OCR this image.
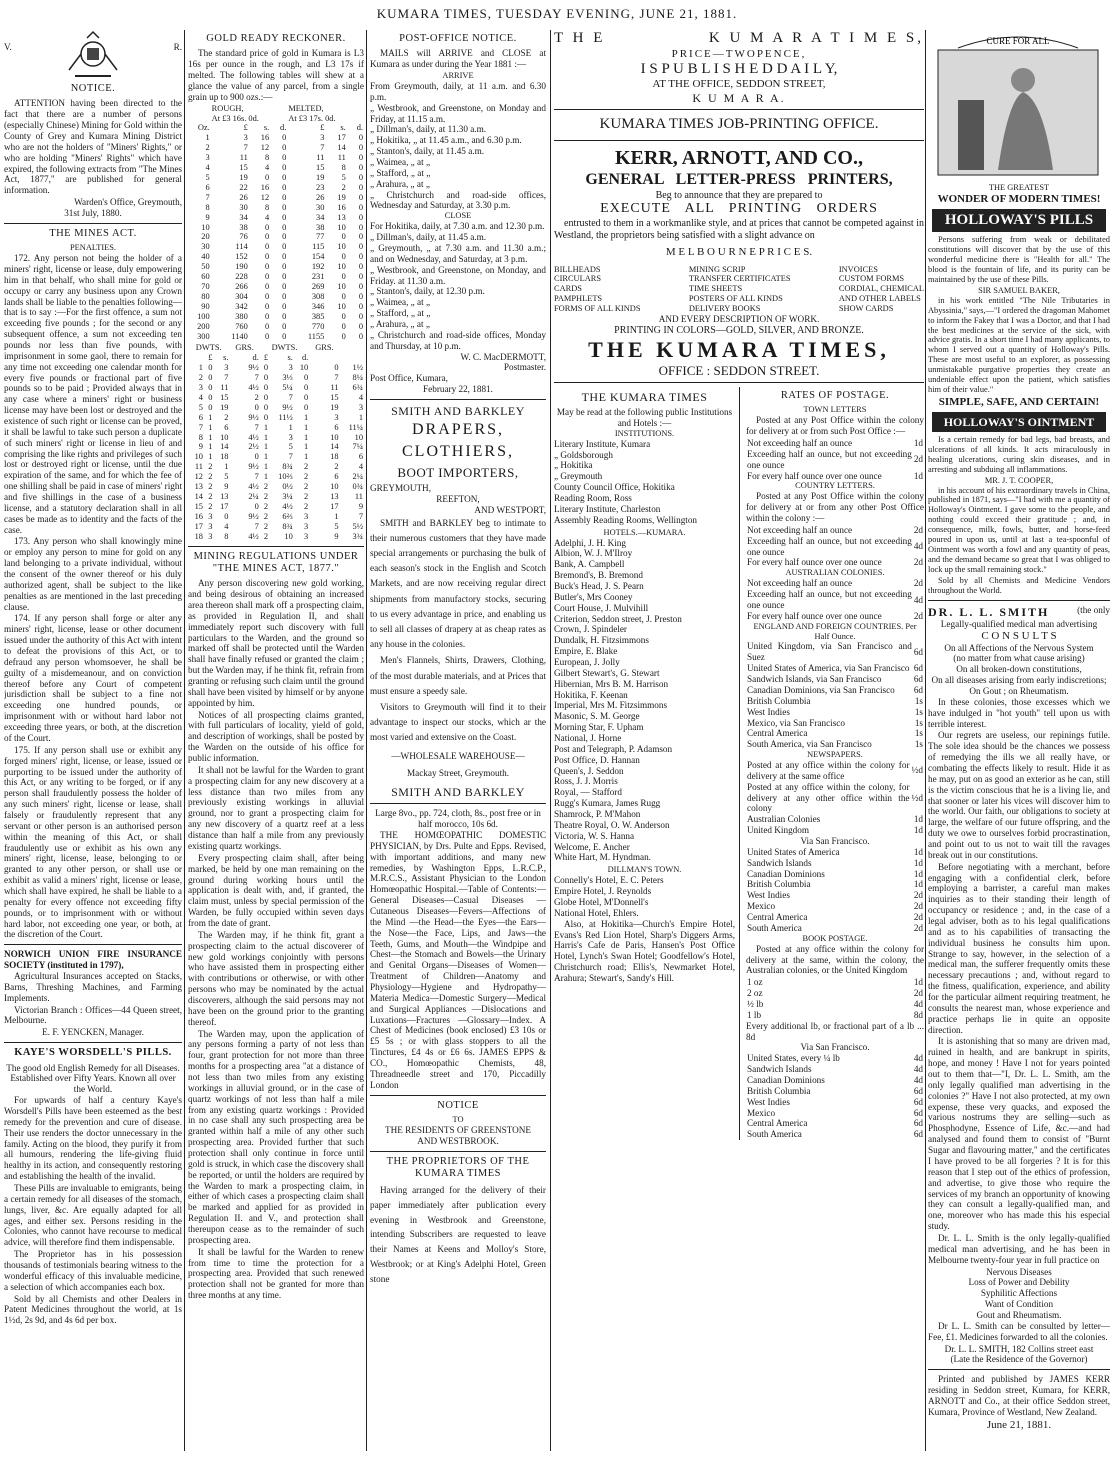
KUMARA TIMES, TUESDAY EVENING, JUNE 21, 1881.
V.	R.
NOTICE.

ATTENTION having been directed to the fact that there are a number of persons (especially Chinese) Mining for Gold within the County of Grey and Kumara Mining District who are not the holders of "Miners' Rights," or who are holding "Miners' Rights" which have expired, the following extracts from "The Mines Act, 1877," are published for general information.

Warden's Office, Greymouth,
31st July, 1880.
THE MINES ACT.
PENALTIES.

172. Any person not being the holder of a miners' right, license or lease, duly empowering him in that behalf, who shall mine for gold or occupy or carry any business upon any Crown lands shall be liable to the penalties following—that is to say :—For the first offence, a sum not exceeding five pounds ; for the second or any subsequent offence, a sum not exceeding ten pounds nor less than five pounds, with imprisonment in some gaol, there to remain for any time not exceeding one calendar month for every five pounds or fractional part of five pounds so to be paid ; Provided always that in any case where a miners' right or business license may have been lost or destroyed and the existence of such right or license can be proved, it shall be lawful to take such person a duplicate of such miners' right or license in lieu of and comprising the like rights and privileges of such lost or destroyed right or license, until the due expiration of the same, and for which the fee of one shilling shall be paid in case of miners' right and five shillings in the case of a business license, and a statutory declaration shall in all cases be made as to identity and the facts of the case.

173. Any person who shall knowingly mine or employ any person to mine for gold on any land belonging to a private individual, without the consent of the owner thereof or his duly authorized agent, shall be subject to the like penalties as are mentioned in the last preceding clause.

174. If any person shall forge or alter any miners' right, license, lease or other document issued under the authority of this Act with intent to defeat the provisions of this Act, or to defraud any person whomsoever, he shall be guilty of a misdemeanour, and on conviction thereof before any Court of competent jurisdiction shall be subject to a fine not exceeding one hundred pounds, or imprisonment with or without hard labor not exceeding three years, or both, at the discretion of the Court.

175. If any person shall use or exhibit any forged miners' right, license, or lease, issued or purporting to be issued under the authority of this Act, or any writing to be forged, or if any person shall fraudulently possess the holder of any such miners' right, license or lease, shall falsely or fraudulently represent that any servant or other person is an authorised person within the meaning of this Act, or shall fraudulently use or exhibit as his own any miners' right, license, lease, belonging to or granted to any other person, or shall use or exhibit as valid a miners' right, license or lease, which shall have expired, he shall be liable to a penalty for every offence not exceeding fifty pounds, or to imprisonment with or without hard labor, not exceeding one year, or both, at the discretion of the Court.

NORWICH UNION FIRE INSURANCE SOCIETY (instituted in 1797),

Agricultural Insurances accepted on Stacks, Barns, Threshing Machines, and Farming Implements.

Victorian Branch : Offices—44 Queen street, Melbourne.

E. F. YENCKEN, Manager.
KAYE'S WORSDELL'S PILLS.
The good old English Remedy for all Diseases.
Established over Fifty Years. Known all over the World.

For upwards of half a century Kaye's Worsdell's Pills have been esteemed as the best remedy for the prevention and cure of disease. Their use renders the doctor unnecessary in the family. Acting on the blood, they purify it from all humours, rendering the life-giving fluid healthy in its action, and consequently restoring and establishing the health of the invalid.

These Pills are invaluable to emigrants, being a certain remedy for all diseases of the stomach, lungs, liver, &c. Are equally adapted for all ages, and either sex. Persons residing in the Colonies, who cannot have recourse to medical advice, will therefore find them indispensable.

The Proprietor has in his possession thousands of testimonials bearing witness to the wonderful efficacy of this invaluable medicine, a selection of which accompanies each box.

Sold by all Chemists and other Dealers in Patent Medicines throughout the world, at 1s 1½d, 2s 9d, and 4s 6d per box.

GOLD READY RECKONER.

The standard price of gold in Kumara is L3 16s per ounce in the rough, and L3 17s if melted. The following tables will shew at a glance the value of any parcel, from a single grain up to 900 ozs.:—

	ROUGH,			MELTED,		
	At £3 16s. 0d.			At £3 17s. 0d.		
Oz.	£	s.	d.	£	s.	d.
1	3	16	0	3	17	0
2	7	12	0	7	14	0
3	11	8	0	11	11	0
4	15	4	0	15	8	0
5	19	0	0	19	5	0
6	22	16	0	23	2	0
7	26	12	0	26	19	0
8	30	8	0	30	16	0
9	34	4	0	34	13	0
10	38	0	0	38	10	0
20	76	0	0	77	0	0
30	114	0	0	115	10	0
40	152	0	0	154	0	0
50	190	0	0	192	10	0
60	228	0	0	231	0	0
70	266	0	0	269	10	0
80	304	0	0	308	0	0
90	342	0	0	346	10	0
100	380	0	0	385	0	0
200	760	0	0	770	0	0
300	1140	0	0	1155	0	0
DWTS.			GRS.	DWTS.			GRS.	
	£	s.	d.	£	s.	d.		
1	0	3	9½	0	3	10	0	1½
2	0	7	7	0	3⅓	0	7	8¼
3	0	11	4½	0	5¼	0	11	6¾
4	0	15	2	0	7	0	15	4
5	0	19	0	0	9½	0	19	3
6	1	2	9½	0	11½	1	3	1
7	1	6	7	1	1	1	6	11¼
8	1	10	4½	1	3	1	10	10
9	1	14	2½	1	5	1	14	7¼
10	1	18	0	1	7	1	18	6
11	2	1	9½	1	8¾	2	2	4
12	2	5	7	1	10⅔	2	6	2¼
13	2	9	4½	2	0½	2	10	0¾
14	2	13	2¼	2	3¼	2	13	11
15	2	17	0	2	4½	2	17	9
16	3	0	9½	2	6⅔	3	1	7
17	3	4	7	2	8¾	3	5	5½
18	3	8	4½	2	10	3	9	3¾
MINING REGULATIONS UNDER "THE MINES ACT, 1877."

Any person discovering new gold working, and being desirous of obtaining an increased area thereon shall mark off a prospecting claim, as provided in Regulation II, and shall immediately report such discovery with full particulars to the Warden, and the ground so marked off shall be protected until the Warden shall have finally refused or granted the claim ; but the Warden may, if he think fit, refrain from granting or refusing such claim until the ground shall have been visited by himself or by anyone appointed by him.

Notices of all prospecting claims granted, with full particulars of locality, yield of gold, and description of workings, shall be posted by the Warden on the outside of his office for public information.

It shall not be lawful for the Warden to grant a prospecting claim for any new discovery at a less distance than two miles from any previously existing workings in alluvial ground, nor to grant a prospecting claim for any new discovery of a quartz reef at a less distance than half a mile from any previously existing quartz workings.

Every prospecting claim shall, after being marked, be held by one man remaining on the ground during working hours until the application is dealt with, and, if granted, the claim must, unless by special permission of the Warden, be fully occupied within seven days from the date of grant.

The Warden may, if he think fit, grant a prospecting claim to the actual discoverer of new gold workings conjointly with persons who have assisted them in prospecting either with contributions or otherwise, or with other persons who may be nominated by the actual discoverers, although the said persons may not have been on the ground prior to the granting thereof.

The Warden may, upon the application of any persons forming a party of not less than four, grant protection for not more than three months for a prospecting area "at a distance of not less than two miles from any existing workings in alluvial ground, or in the case of quartz workings of not less than half a mile from any existing quartz workings : Provided in no case shall any such prospecting area be granted within half a mile of any other such prospecting area. Provided further that such protection shall only continue in force until gold is struck, in which case the discovery shall be reported, or until the holders are required by the Warden to mark a prospecting claim, in either of which cases a prospecting claim shall be marked and applied for as provided in Regulation II. and V., and protection shall thereupon cease as to the remainder of such prospecting area.

It shall be lawful for the Warden to renew from time to time the protection for a prospecting area. Provided that such renewed protection shall not be granted for more than three months at any time.

POST-OFFICE NOTICE.

MAILS will ARRIVE and CLOSE at Kumara as under during the Year 1881 :—

ARRIVE
From Greymouth, daily, at 11 a.m. and 6.30 p.m.
„ Westbrook, and Greenstone, on Monday and Friday, at 11.15 a.m.
„ Dillman's, daily, at 11.30 a.m.
„ Hokitika, „ at 11.45 a.m., and 6.30 p.m.
„ Stanton's, daily, at 11.45 a.m.
„ Waimea, „ at „
„ Stafford, „ at „
„ Arahura, „ at „
„ Christchurch and road-side offices, Wednesday and Saturday, at 3.30 p.m.
CLOSE
For Hokitika, daily, at 7.30 a.m. and 12.30 p.m.
„ Dillman's, daily, at 11.45 a.m.
„ Greymouth, „ at 7.30 a.m. and 11.30 a.m.; and on Wednesday, and Saturday, at 3 p.m.
„ Westbrook, and Greenstone, on Monday, and Friday. at 11.30 a.m.
„ Stanton's, daily, at 12.30 p.m.
„ Waimea, „ at „
„ Stafford, „ at „
„ Arahura, „ at „
„ Christchurch and road-side offices, Monday and Thursday, at 10 p.m.
W. C. MacDERMOTT,
Postmaster.
Post Office, Kumara,
February 22, 1881.
SMITH AND BARKLEY
DRAPERS,
CLOTHIERS,
BOOT IMPORTERS,
GREYMOUTH,
REEFTON,
AND WESTPORT,

SMITH and BARKLEY beg to intimate to their numerous customers that they have made special arrangements or purchasing the bulk of each season's stock in the English and Scotch Markets, and are now receiving regular direct shipments from manufactory stocks, securing to us every advantage in price, and enabling us to sell all classes of drapery at as cheap rates as any house in the colonies.

Men's Flannels, Shirts, Drawers, Clothing, of the most durable materials, and at Prices that must ensure a speedy sale.

Visitors to Greymouth will find it to their advantage to inspect our stocks, which ar the most varied and extensive on the Coast.

—WHOLESALE WAREHOUSE—
Mackay Street, Greymouth.
SMITH AND BARKLEY
Large 8vo., pp. 724, cloth, 8s., post free or in half morocco, 10s 6d.

THE HOMŒOPATHIC DOMESTIC PHYSICIAN, by Drs. Pulte and Epps. Revised, with important additions, and many new remedies, by Washington Epps, L.R.C.P., M.R.C.S., Assistant Physician to the London Homœopathic Hospital.—Table of Contents:—General Diseases—Casual Diseases — Cutaneous Diseases—Fevers—Affections of the Mind —the Head—the Eyes—the Ears—the Nose—the Face, Lips, and Jaws—the Teeth, Gums, and Mouth—the Windpipe and Chest—the Stomach and Bowels—the Urinary and Genital Organs—Diseases of Women—Treatment of Children—Anatomy and Physiology—Hygiene and Hydropathy—Materia Medica—Domestic Surgery—Medical and Surgical Appliances —Dislocations and Luxations—Fractures —Glossary—Index. A Chest of Medicines (book enclosed) £3 10s or £5 5s ; or with glass stoppers to all the Tinctures, £4 4s or £6 6s. JAMES EPPS & CO., Homœopathic Chemists, 48, Threadneedle street and 170, Piccadilly London

NOTICE
TO
THE RESIDENTS OF GREENSTONE
AND WESTBROOK.
THE PROPRIETORS OF THE KUMARA TIMES

Having arranged for the delivery of their paper immediately after publication every evening in Westbrook and Greenstone, intending Subscribers are requested to leave their Names at Keens and Molloy's Store, Westbrook; or at King's Adelphi Hotel, Green stone

T H E	K U M A R A T I M E S,
PRICE—TWOPENCE,
I S P U B L I S H E D D A I L Y,
AT THE OFFICE, SEDDON STREET,
K U M A R A.
KUMARA TIMES JOB-PRINTING OFFICE.
KERR, ARNOTT, AND CO.,
GENERAL LETTER-PRESS PRINTERS,
Beg to announce that they are prepared to
EXECUTE ALL PRINTING ORDERS

entrusted to them in a workmanlike style, and at prices that cannot be competed against in Westland, the proprietors being satisfied with a slight advance on

M E L B O U R N E P R I C E S.
BILLHEADS
CIRCULARS
CARDS
PAMPHLETS
FORMS OF ALL KINDS
MINING SCRIP
TRANSFER CERTIFICATES
TIME SHEETS
POSTERS OF ALL KINDS
DELIVERY BOOKS
INVOICES
CUSTOM FORMS
CORDIAL, CHEMICAL
AND OTHER LABELS
SHOW CARDS
AND EVERY DESCRIPTION OF WORK.
PRINTING IN COLORS—GOLD, SILVER, AND BRONZE.
THE KUMARA TIMES,
OFFICE : SEDDON STREET.
THE KUMARA TIMES
May be read at the following public Institutions and Hotels :—
INSTITUTIONS.
Literary Institute, Kumara
„ Goldsborough
„ Hokitika
„ Greymouth
County Council Office, Hokitika
Reading Room, Ross
Literary Institute, Charleston
Assembly Reading Rooms, Wellington
HOTELS.—KUMARA.
Adelphi, J. H. King
Albion, W. J. M'Ilroy
Bank, A. Campbell
Bremond's, B. Bremond
Buck's Head, J. S. Pearn
Butler's, Mrs Cooney
Court House, J. Mulvihill
Criterion, Seddon street, J. Preston
Crown, J. Spindeler
Dundalk, H. Fitzsimmons
Empire, E. Blake
European, J. Jolly
Gilbert Stewart's, G. Stewart
Hibernian, Mrs B. M. Harrison
Hokitika, F. Keenan
Imperial, Mrs M. Fitzsimmons
Masonic, S. M. George
Morning Star, F. Upham
National, J. Horne
Post and Telegraph, P. Adamson
Post Office, D. Hannan
Queen's, J. Seddon
Ross, J. J. Morris
Royal, — Stafford
Rugg's Kumara, James Rugg
Shamrock, P. M'Mahon
Theatre Royal, O. W. Anderson
Victoria, W. S. Hanna
Welcome, E. Ancher
White Hart, M. Hyndman.
DILLMAN'S TOWN.
Connelly's Hotel, E. C. Peters
Empire Hotel, J. Reynolds
Globe Hotel, M'Donnell's
National Hotel, Ehlers.

Also, at Hokitika—Church's Empire Hotel, Evans's Red Lion Hotel, Sharp's Diggers Arms, Harris's Cafe de Paris, Hansen's Post Office Hotel, Lynch's Swan Hotel; Goodfellow's Hotel, Christchurch road; Ellis's, Newmarket Hotel, Arahura; Stewart's, Sandy's Hill.

RATES OF POSTAGE.
TOWN LETTERS

Posted at any Post Office within the colony for delivery at or from such Post Office :—

Not exceeding half an ounce	1d
Exceeding half an ounce, but not exceeding one ounce	2d
For every half ounce over one ounce	1d
COUNTRY LETTERS.

Posted at any Post Office within the colony for delivery at or from any other Post Office within the colony :—

Not exceeding half an ounce	2d
Exceeding half an ounce, but not exceeding one ounce	4d
For every half ounce over one ounce	2d
AUSTRALIAN COLONIES.
Not exceeding half an ounce	2d
Exceeding half an ounce, but not exceeding one ounce	4d
For every half ounce over one ounce	2d
ENGLAND AND FOREIGN COUNTRIES. Per Half Ounce.
United Kingdom, via San Francisco and Suez	6d
United States of America, via San Francisco	6d
Sandwich Islands, via San Francisco	6d
Canadian Dominions, via San Francisco	6d
British Columbia	1s
West Indies	1s
Mexico, via San Francisco	1s
Central America	1s
South America, via San Francisco	1s
NEWSPAPERS.
Posted at any office within the colony for delivery at the same office	½d
Posted at any office within the colony, for delivery at any other office within the colony	½d
Australian Colonies	1d
United Kingdom	1d
Via San Francisco.
United States of America	1d
Sandwich Islands	1d
Canadian Dominions	1d
British Columbia	1d
West Indies	2d
Mexico	2d
Central America	2d
South America	2d
BOOK POSTAGE.

Posted at any office within the colony for delivery at the same, within the colony, the Australian colonies, or the United Kingdom

1 oz	1d
2 oz	2d
½ lb	4d
1 lb	8d
Every additional lb, or fractional part of a lb ... 8d
Via San Francisco.
United States, every ¼ lb	4d
Sandwich Islands	4d
Canadian Dominions	4d
British Columbia	6d
West Indies	6d
Mexico	6d
Central America	6d
South America	6d
CURE FOR ALL
THE GREATEST
WONDER OF MODERN TIMES!
HOLLOWAY'S PILLS

Persons suffering from weak or debilitated constitutions will discover that by the use of this wonderful medicine there is "Health for all." The blood is the fountain of life, and its purity can be maintained by the use of these Pills.

SIR SAMUEL BAKER,

in his work entitled "The Nile Tributaries in Abyssinia," says,—"I ordered the dragoman Mahomet to inform the Fakey that I was a Doctor, and that I had the best medicines at the service of the sick, with advice gratis. In a short time I had many applicants, to whom I served out a quantity of Holloway's Pills. These are most useful to an explorer, as possessing unmistakable purgative properties they create an undeniable effect upon the patient, which satisfies him of their value."

SIMPLE, SAFE, AND CERTAIN!
HOLLOWAY'S OINTMENT

Is a certain remedy for bad legs, bad breasts, and ulcerations of all kinds. It acts miraculously in healing ulcerations, curing skin diseases, and in arresting and subduing all inflammations.

MR. J. T. COOPER,

in his account of his extraordinary travels in China, published in 1871, says—"I had with me a quantity of Holloway's Ointment. I gave some to the people, and nothing could exceed their gratitude ; and, in consequence, milk, fowls, butter, and horse-feed poured in upon us, until at last a tea-spoonful of Ointment was worth a fowl and any quantity of peas, and the demand became so great that I was obliged to lock up the small remaining stock."

Sold by all Chemists and Medicine Vendors throughout the World.

DR. L. L. SMITH	(the only
Legally-qualified medical man advertising
C O N S U L T S
On all Affections of the Nervous System
(no matter from what cause arising)
On all broken-down constitutions,
On all diseases arising from early indiscretions;
On Gout ; on Rheumatism.

In these colonies, those excesses which we have indulged in "hot youth" tell upon us with terrible interest.

Our regrets are useless, our repinings futile. The sole idea should be the chances we possess of remedying the ills we all really have, or combating the effects likely to result. Hide it as he may, put on as good an exterior as he can, still is the victim conscious that he is a living lie, and that sooner or later his vices will discover him to the world. Our faith, our obligations to society at large, the welfare of our future offspring, and the duty we owe to ourselves forbid procrastination, and point out to us not to wait till the ravages break out in our constitutions.

Before negotiating with a merchant, before engaging with a confidential clerk, before employing a barrister, a careful man makes inquiries as to their standing their length of occupancy or residence ; and, in the case of a legal adviser, both as to his legal qualifications and as to his capabilities of transacting the individual business he consults him upon. Strange to say, however, in the selection of a medical man, the sufferer frequently omits these necessary precautions ; and, without regard to the fitness, qualification, experience, and ability for the particular ailment requiring treatment, he consults the nearest man, whose experience and practice perhaps lie in quite an opposite direction.

It is astonishing that so many are driven mad, ruined in health, and are bankrupt in spirits, hope, and money ! Have I not for years pointed out to them that—"I, Dr. L. L. Smith, am the only legally qualified man advertising in the colonies ?" Have I not also protected, at my own expense, these very quacks, and exposed the various nostrums they are selling—such as Phosphodyne, Essence of Life, &c.—and had analysed and found them to consist of "Burnt Sugar and flavouring matter," and the certificates I have proved to be all forgeries ? It is for this reason that I step out of the ethics of profession, and advertise, to give those who require the services of my branch an opportunity of knowing they can consult a legally-qualified man, and one, moreover who has made this his especial study.

Dr. L. L. Smith is the only legally-qualified medical man advertising, and he has been in Melbourne twenty-four year in full practice on

Nervous Diseases
Loss of Power and Debility
Syphilitic Affections
Want of Condition
Gout and Rheumatism.

Dr L. L. Smith can be consulted by letter—Fee, £1. Medicines forwarded to all the colonies.

Dr. L. L. SMITH, 182 Collins street east
(Late the Residence of the Governor)

Printed and published by JAMES KERR residing in Seddon street, Kumara, for KERR, ARNOTT and Co., at their office Seddon street, Kumara, Province of Westland, New Zealand.

June 21, 1881.
